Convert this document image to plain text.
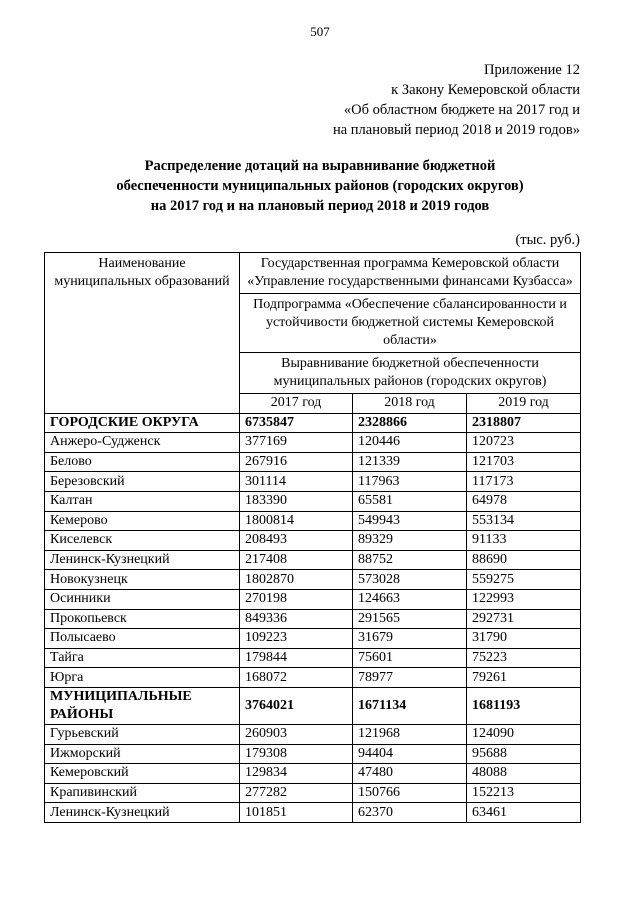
507
Приложение 12
к Закону Кемеровской области
«Об областном бюджете на 2017 год и
на плановый период 2018 и 2019 годов»
Распределение дотаций на выравнивание бюджетной
обеспеченности муниципальных районов (городских округов)
на 2017 год и на плановый период 2018 и 2019 годов
(тыс. руб.)
Наименование муниципальных образований	Государственная программа Кемеровской области «Управление государственными финансами Кузбасса»		
	Подпрограмма «Обеспечение сбалансированности и устойчивости бюджетной системы Кемеровской области»		
	Выравнивание бюджетной обеспеченности муниципальных районов (городских округов)		
	2017 год	2018 год	2019 год
ГОРОДСКИЕ ОКРУГА	6735847	2328866	2318807
Анжеро-Судженск	377169	120446	120723
Белово	267916	121339	121703
Березовский	301114	117963	117173
Калтан	183390	65581	64978
Кемерово	1800814	549943	553134
Киселевск	208493	89329	91133
Ленинск-Кузнецкий	217408	88752	88690
Новокузнецк	1802870	573028	559275
Осинники	270198	124663	122993
Прокопьевск	849336	291565	292731
Полысаево	109223	31679	31790
Тайга	179844	75601	75223
Юрга	168072	78977	79261
МУНИЦИПАЛЬНЫЕ РАЙОНЫ	3764021	1671134	1681193
Гурьевский	260903	121968	124090
Ижморский	179308	94404	95688
Кемеровский	129834	47480	48088
Крапивинский	277282	150766	152213
Ленинск-Кузнецкий	101851	62370	63461
